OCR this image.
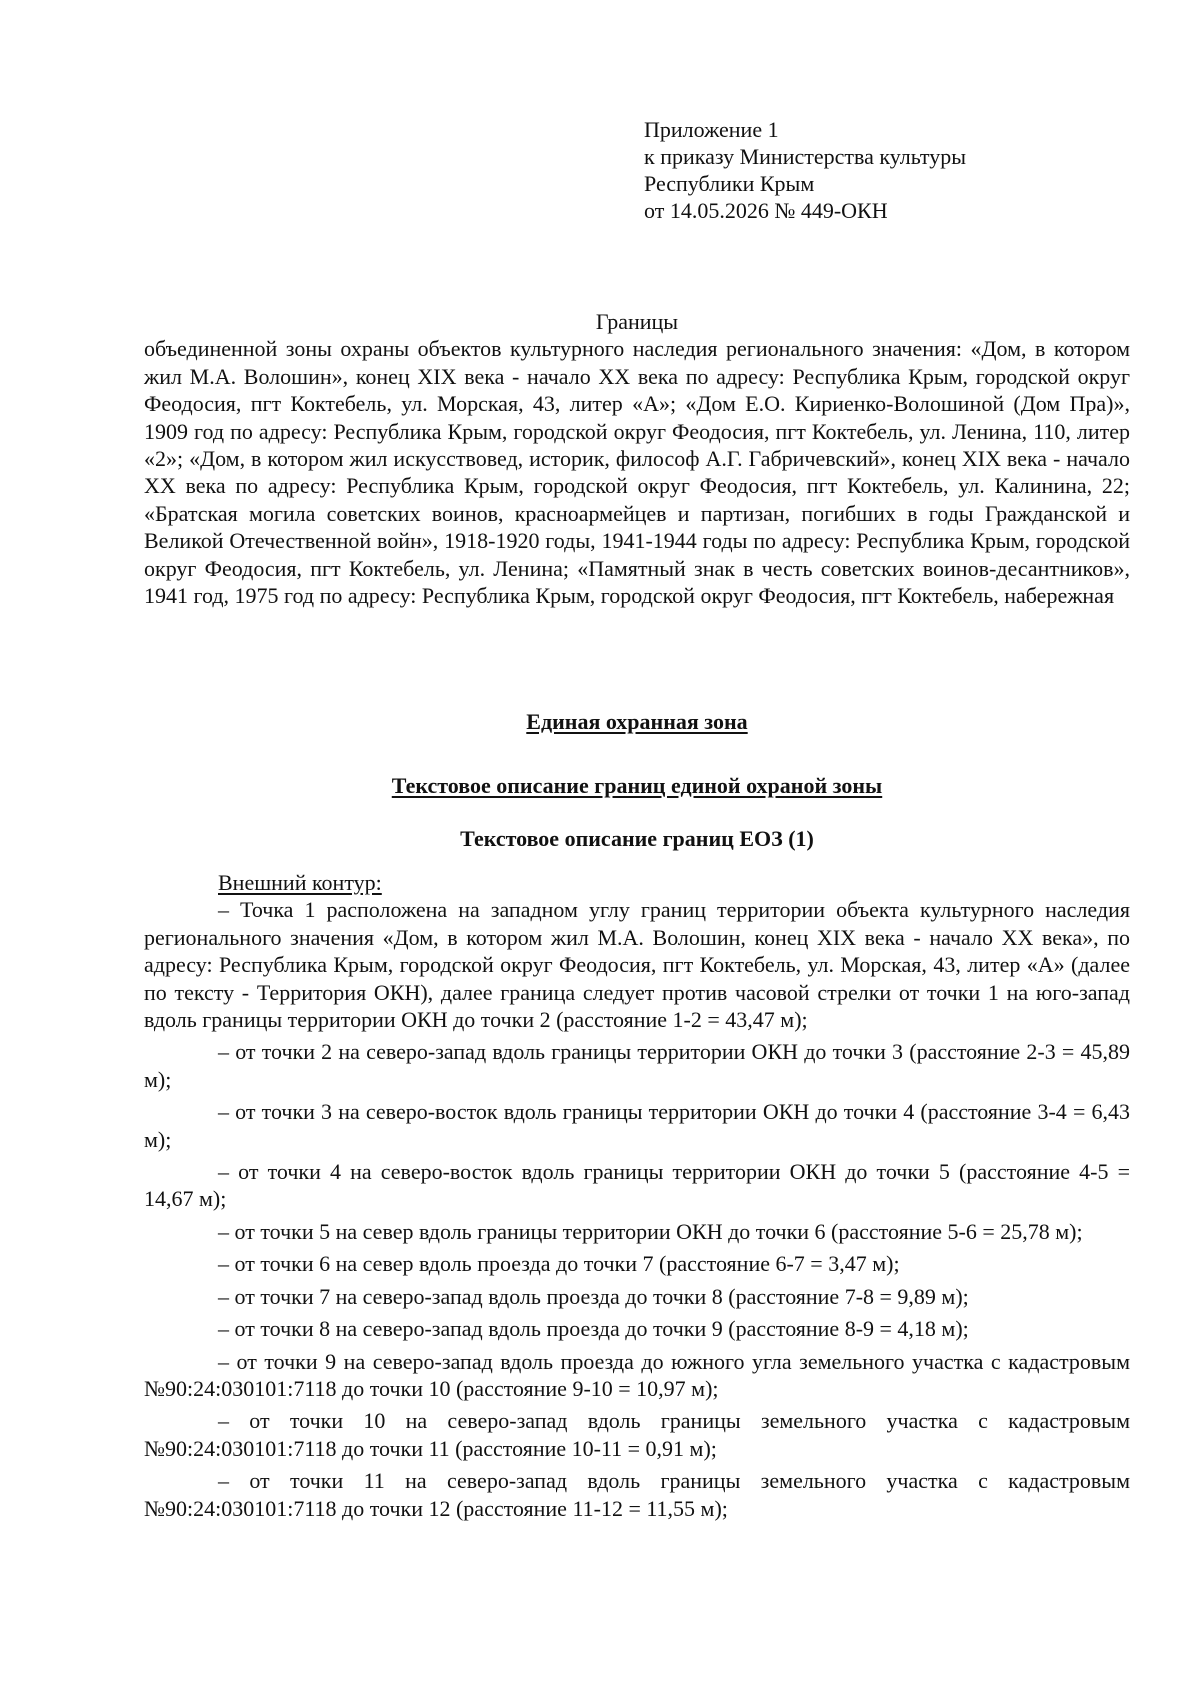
Приложение 1
к приказу Министерства культуры
Республики Крым
от 14.05.2026 № 449-ОКН
Границы

объединенной зоны охраны объектов культурного наследия регионального значения: «Дом, в котором жил М.А. Волошин», конец XIX века - начало XX века по адресу: Республика Крым, городской округ Феодосия, пгт Коктебель, ул. Морская, 43, литер «А»; «Дом Е.О. Кириенко-Волошиной (Дом Пра)», 1909 год по адресу: Республика Крым, городской округ Феодосия, пгт Коктебель, ул. Ленина, 110, литер «2»; «Дом, в котором жил искусствовед, историк, философ А.Г. Габричевский», конец XIX века - начало XX века по адресу: Республика Крым, городской округ Феодосия, пгт Коктебель, ул. Калинина, 22; «Братская могила советских воинов, красноармейцев и партизан, погибших в годы Гражданской и Великой Отечественной войн», 1918-1920 годы, 1941-1944 годы по адресу: Республика Крым, городской округ Феодосия, пгт Коктебель, ул. Ленина; «Памятный знак в честь советских воинов-десантников», 1941 год, 1975 год по адресу: Республика Крым, городской округ Феодосия, пгт Коктебель, набережная

Единая охранная зона
Текстовое описание границ единой охраной зоны
Текстовое описание границ ЕОЗ (1)
Внешний контур:

– Точка 1 расположена на западном углу границ территории объекта культурного наследия регионального значения «Дом, в котором жил М.А. Волошин, конец XIX века - начало XX века», по адресу: Республика Крым, городской округ Феодосия, пгт Коктебель, ул. Морская, 43, литер «А» (далее по тексту - Территория ОКН), далее граница следует против часовой стрелки от точки 1 на юго-запад вдоль границы территории ОКН до точки 2 (расстояние 1-2 = 43,47 м);

– от точки 2 на северо-запад вдоль границы территории ОКН до точки 3 (расстояние 2-3 = 45,89 м);

– от точки 3 на северо-восток вдоль границы территории ОКН до точки 4 (расстояние 3-4 = 6,43 м);

– от точки 4 на северо-восток вдоль границы территории ОКН до точки 5 (расстояние 4-5 = 14,67 м);

– от точки 5 на север вдоль границы территории ОКН до точки 6 (расстояние 5-6 = 25,78 м);

– от точки 6 на север вдоль проезда до точки 7 (расстояние 6-7 = 3,47 м);

– от точки 7 на северо-запад вдоль проезда до точки 8 (расстояние 7-8 = 9,89 м);

– от точки 8 на северо-запад вдоль проезда до точки 9 (расстояние 8-9 = 4,18 м);

– от точки 9 на северо-запад вдоль проезда до южного угла земельного участка с кадастровым №90:24:030101:7118 до точки 10 (расстояние 9-10 = 10,97 м);

– от точки 10 на северо-запад вдоль границы земельного участка с кадастровым №90:24:030101:7118 до точки 11 (расстояние 10-11 = 0,91 м);

– от точки 11 на северо-запад вдоль границы земельного участка с кадастровым №90:24:030101:7118 до точки 12 (расстояние 11-12 = 11,55 м);
